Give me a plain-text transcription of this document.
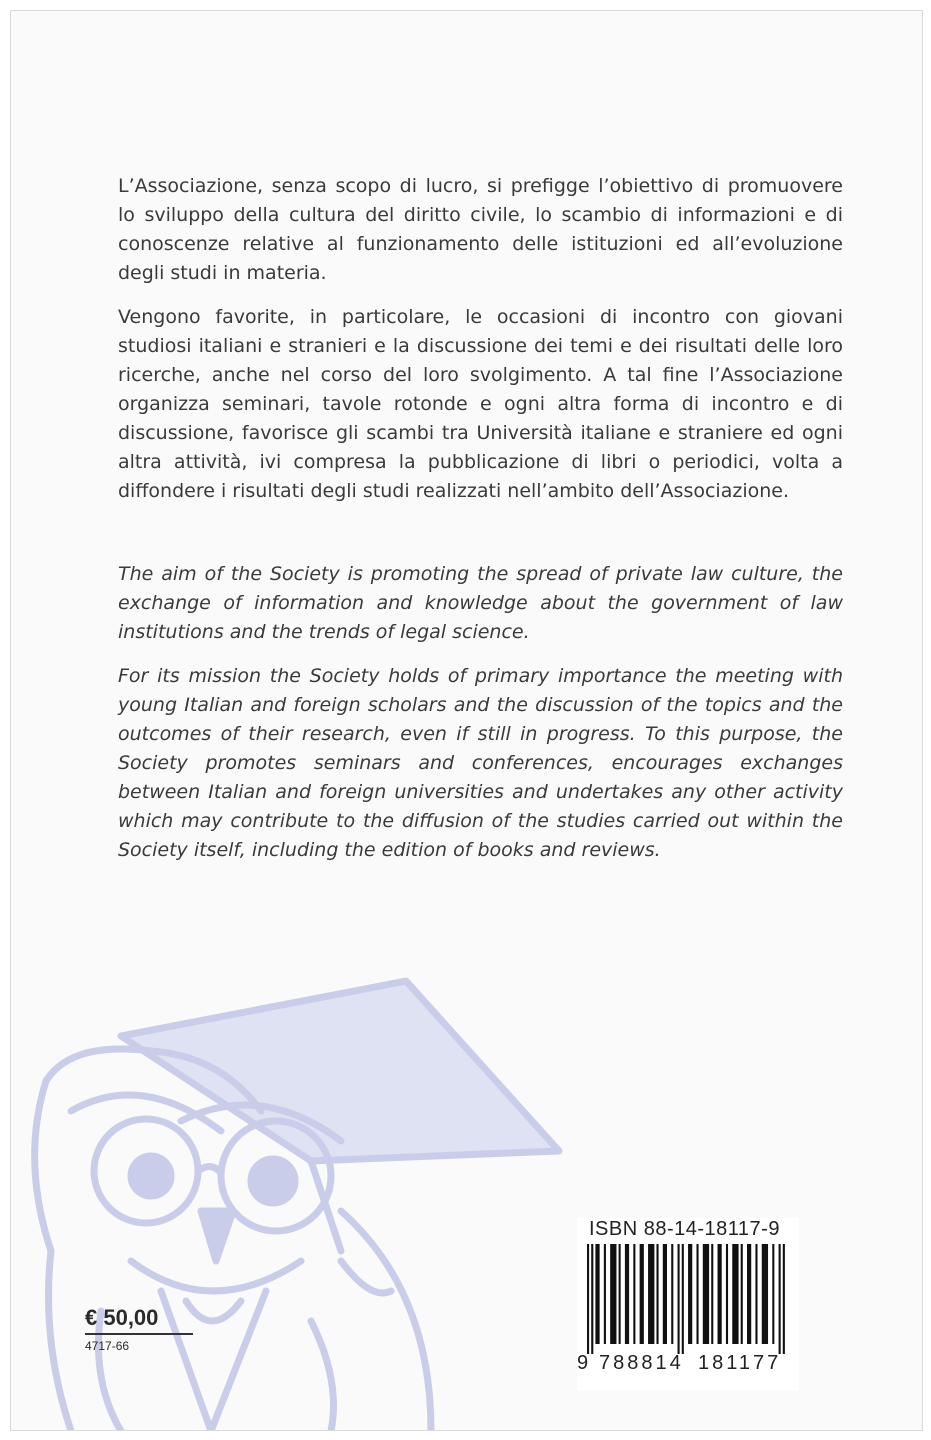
L’Associazione, senza scopo di lucro, si prefigge l’obiettivo di promuovere lo sviluppo della cultura del diritto civile, lo scambio di informazioni e di conoscenze relative al funzionamento delle istituzioni ed all’evoluzione degli studi in materia.

Vengono favorite, in particolare, le occasioni di incontro con giovani studiosi italiani e stranieri e la discussione dei temi e dei risultati delle loro ricerche, anche nel corso del loro svolgimento. A tal fine l’Associazione organizza seminari, tavole rotonde e ogni altra forma di incontro e di discussione, favorisce gli scambi tra Università italiane e straniere ed ogni altra attività, ivi compresa la pubblicazione di libri o periodici, volta a diffondere i risultati degli studi realizzati nell’ambito dell’Associazione.

The aim of the Society is promoting the spread of private law culture, the exchange of information and knowledge about the government of law institutions and the trends of legal science.

For its mission the Society holds of primary importance the meeting with young Italian and foreign scholars and the discussion of the topics and the outcomes of their research, even if still in progress. To this purpose, the Society promotes seminars and conferences, encourages exchanges between Italian and foreign universities and undertakes any other activity which may contribute to the diffusion of the studies carried out within the Society itself, including the edition of books and reviews.

€ 50,00
4717-66
ISBN 88-14-18117-9
9 788814 181177
